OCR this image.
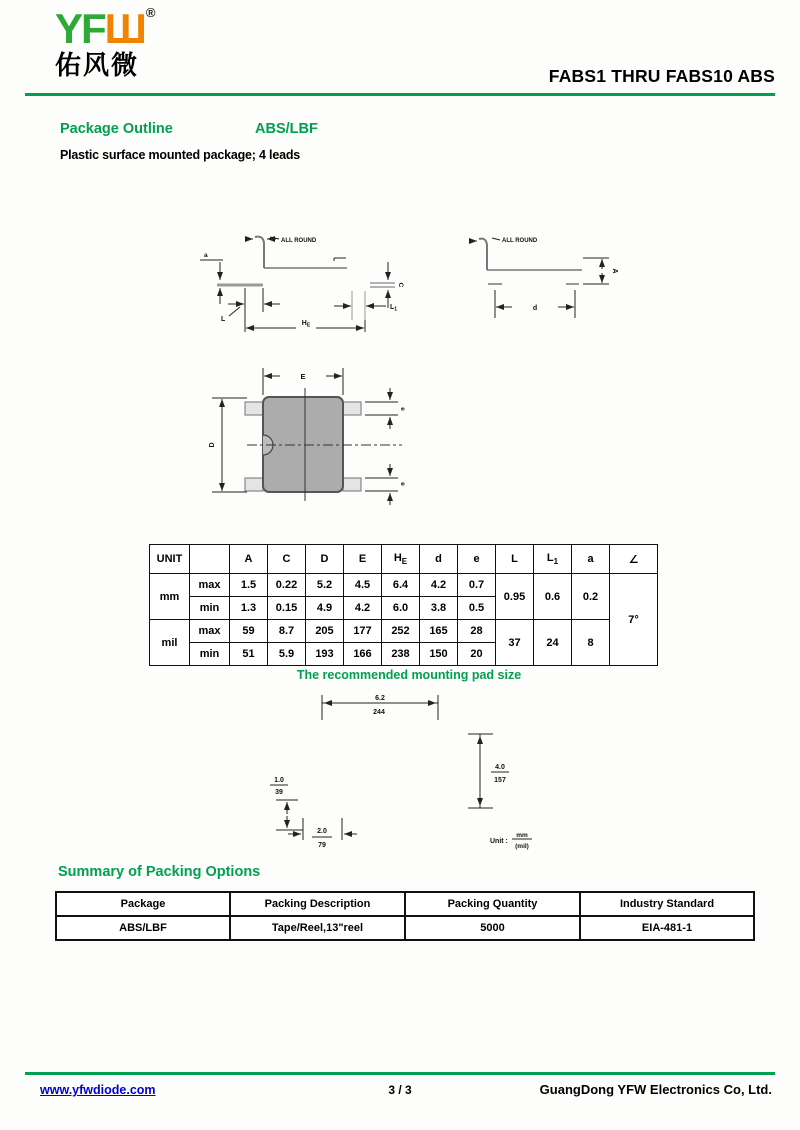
YFШ®
佑风微	FABS1 THRU FABS10 ABS
Package Outline	ABS/LBF
Plastic surface mounted package; 4 leads
ALL ROUND
a
L
$H_E$
C
$L_1$
ALL ROUND
A
d
E
D
e
e
UNIT		A	C	D	E	$H_E$	d	e	L	$L_1$	a	∠
mm	max	1.5	0.22	5.2	4.5	6.4	4.2	0.7	0.95	0.6	0.2	7°
	min	1.3	0.15	4.9	4.2	6.0	3.8	0.5				
mil	max	59	8.7	205	177	252	165	28	37	24	8	
	min	51	5.9	193	166	238	150	20				
The recommended mounting pad size
6.2
244
4.0
157
1.0
39
2.0
79
Unit :
mm
(mil)
Summary of Packing Options
Package	Packing Description	Packing Quantity	Industry Standard
ABS/LBF	Tape/Reel,13"reel	5000	EIA-481-1
www.yfwdiode.com	3 / 3	GuangDong YFW Electronics Co, Ltd.
